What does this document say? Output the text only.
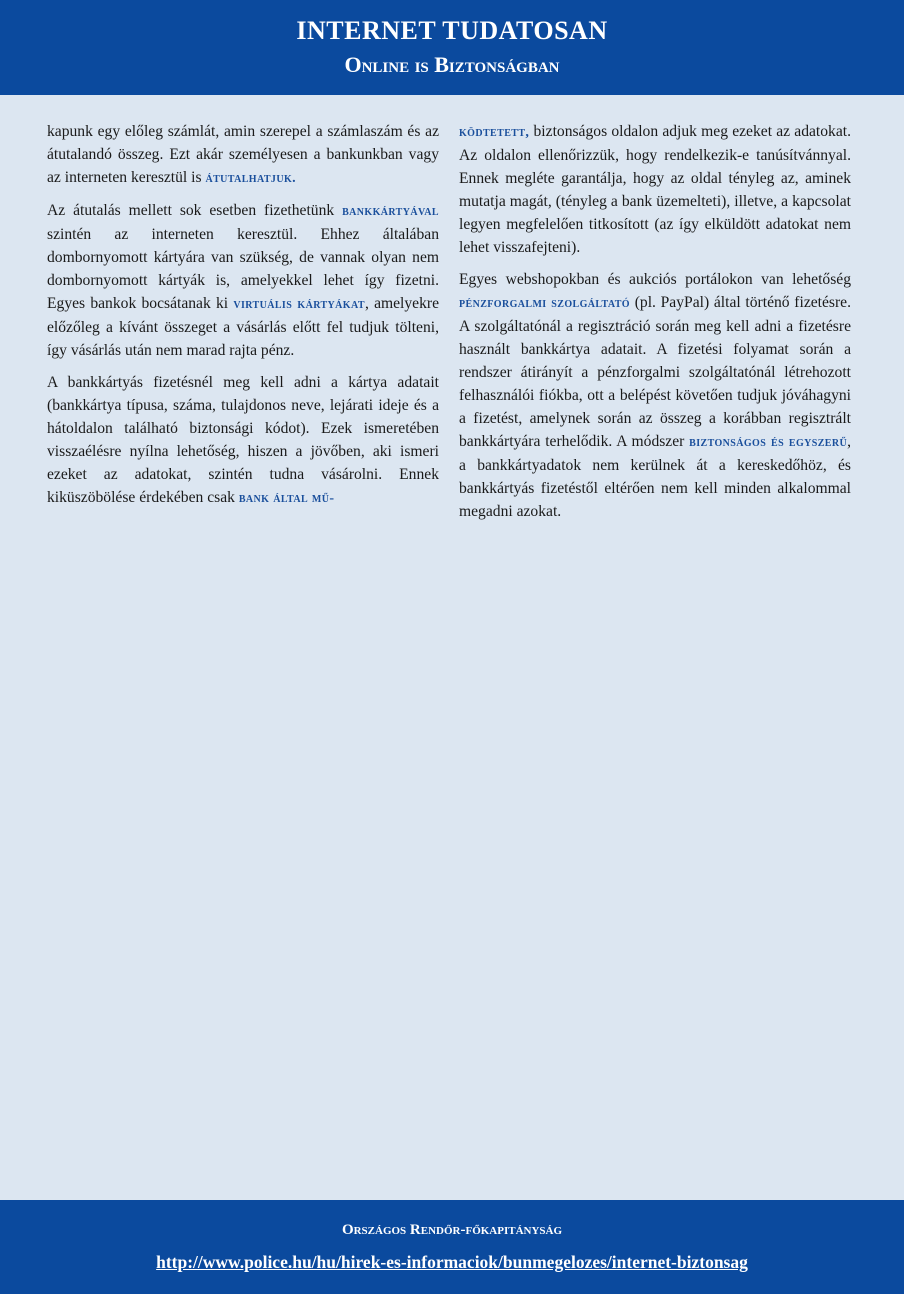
INTERNET TUDATOSAN
Online is Biztonságban

kapunk egy előleg számlát, amin szerepel a számlaszám és az átutalandó összeg. Ezt akár személyesen a bankunkban vagy az interneten keresztül is átutalhatjuk.

Az átutalás mellett sok esetben fizethetünk bankkártyával szintén az interneten keresztül. Ehhez általában dombornyomott kártyára van szükség, de vannak olyan nem dombornyomott kártyák is, amelyekkel lehet így fizetni. Egyes bankok bocsátanak ki virtuális kártyákat, amelyekre előzőleg a kívánt összeget a vásárlás előtt fel tudjuk tölteni, így vásárlás után nem marad rajta pénz.

A bankkártyás fizetésnél meg kell adni a kártya adatait (bankkártya típusa, száma, tulajdonos neve, lejárati ideje és a hátoldalon található biztonsági kódot). Ezek ismeretében visszaélésre nyílna lehetőség, hiszen a jövőben, aki ismeri ezeket az adatokat, szintén tudna vásárolni. Ennek kiküszöbölése érdekében csak bank által mű-

ködtetett, biztonságos oldalon adjuk meg ezeket az adatokat. Az oldalon ellenőrizzük, hogy rendelkezik-e tanúsítvánnyal. Ennek megléte garantálja, hogy az oldal tényleg az, aminek mutatja magát, (tényleg a bank üzemelteti), illetve, a kapcsolat legyen megfelelően titkosított (az így elküldött adatokat nem lehet visszafejteni).

Egyes webshopokban és aukciós portálokon van lehetőség pénzforgalmi szolgáltató (pl. PayPal) által történő fizetésre. A szolgáltatónál a regisztráció során meg kell adni a fizetésre használt bankkártya adatait. A fizetési folyamat során a rendszer átirányít a pénzforgalmi szolgáltatónál létrehozott felhasználói fiókba, ott a belépést követően tudjuk jóváhagyni a fizetést, amelynek során az összeg a korábban regisztrált bankkártyára terhelődik. A módszer biztonságos és egyszerű, a bankkártyadatok nem kerülnek át a kereskedőhöz, és bankkártyás fizetéstől eltérően nem kell minden alkalommal megadni azokat.

Országos Rendőr-főkapitányság
http://www.police.hu/hu/hirek-es-informaciok/bunmegelozes/internet-biztonsag
